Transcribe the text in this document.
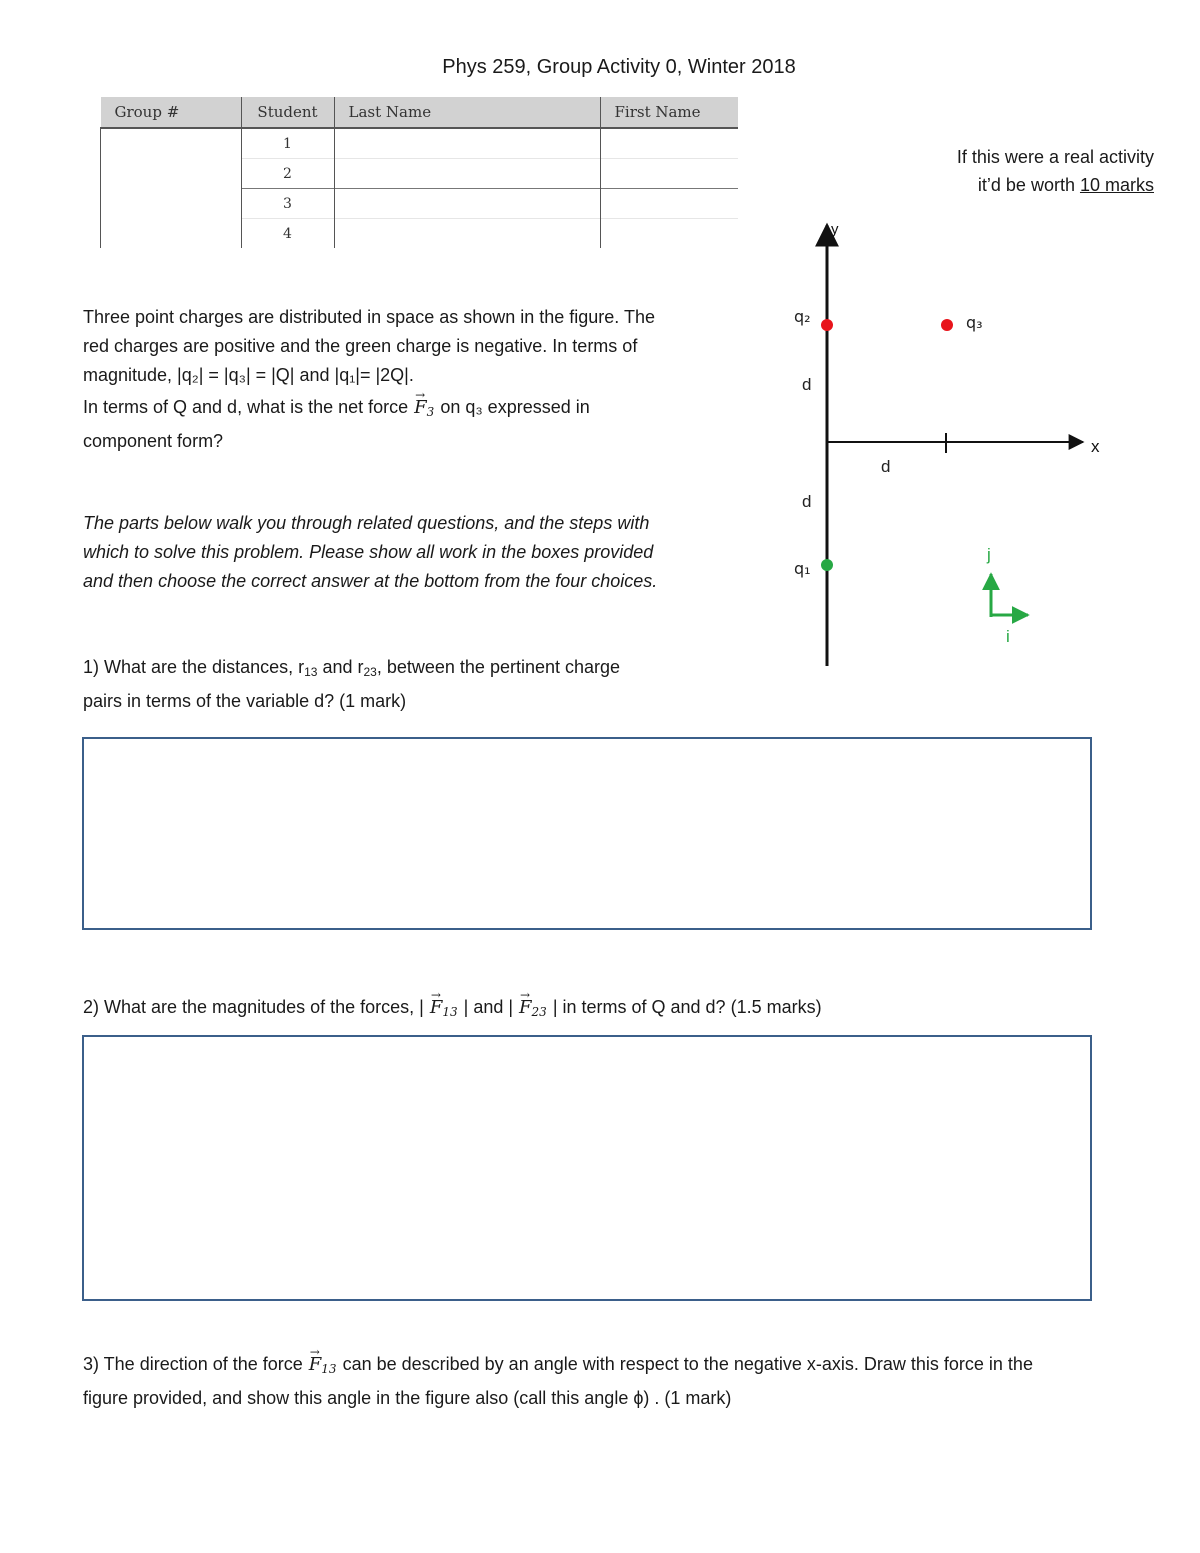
Phys 259, Group Activity 0, Winter 2018
Group #	Student	Last Name	First Name
	1		
	2		
	3		
	4		
If this were a real activity
it’d be worth 10 marks
Three point charges are distributed in space as shown in the figure. The
red charges are positive and the green charge is negative. In terms of
magnitude, |q₂| = |q₃| = |Q| and |q₁|= |2Q|.
In terms of Q and d, what is the net force → $F_3$ on q₃ expressed in
component form?
The parts below walk you through related questions, and the steps with
which to solve this problem. Please show all work in the boxes provided
and then choose the correct answer at the bottom from the four choices.
1) What are the distances, $r_{13}$ and $r_{23}$, between the pertinent charge
pairs in terms of the variable d? (1 mark)
2) What are the magnitudes of the forces, | → $F_{13}$ | and | → $F_{23}$ | in terms of Q and d? (1.5 marks)
3) The direction of the force → $F_{13}$ can be described by an angle with respect to the negative x-axis. Draw this force in the
figure provided, and show this angle in the figure also (call this angle ϕ) . (1 mark)
y
x
q₂	q₃
q₁
d
d
d
j
i
